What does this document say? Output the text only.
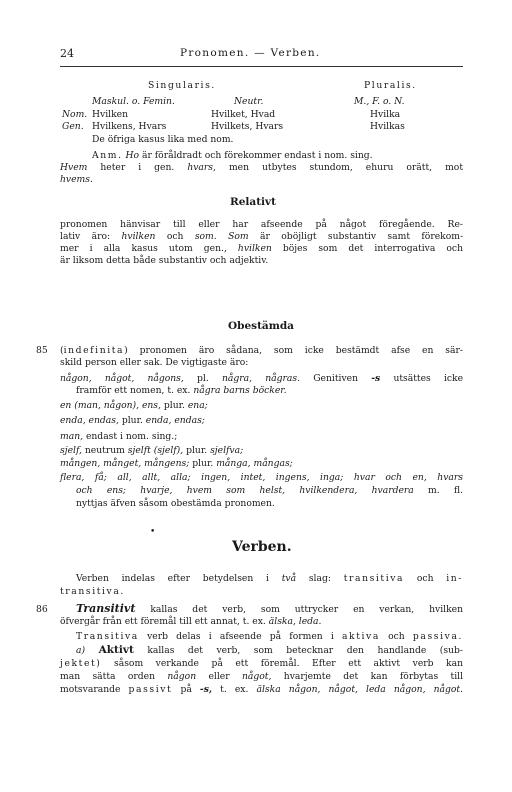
24	Pronomen. — Verben.
Singularis.	Pluralis.
Maskul. o. Femin.	Neutr.	M., F. o. N.
Nom. Hvilken	Hvilket, Hvad	Hvilka
Gen. Hvilkens, Hvars	Hvilkets, Hvars	Hvilkas
De öfriga kasus lika med nom.
Anm. Ho är föråldradt och förekommer endast i nom. sing.
Hvem heter i gen. hvars, men utbytes stundom, ehuru orätt, mot
hvems.
Relativt
pronomen hänvisar till eller har afseende på något föregående. Re-
lativ äro: hvilken och som. Som är oböjligt substantiv samt förekom-
mer i alla kasus utom gen., hvilken böjes som det interrogativa och
är liksom detta både substantiv och adjektiv.
Obestämda
85 (indefinita) pronomen äro sådana, som icke bestämdt afse en sär-
skild person eller sak. De vigtigaste äro:
någon, något, någons, pl. några, någras. Genitiven -s utsättes icke
framför ett nomen, t. ex. några barns böcker.
en (man, någon), ens, plur. ena;
enda, endas, plur. enda, endas;
man, endast i nom. sing.;
sjelf, neutrum sjelft (sjelf), plur. sjelfva;
mången, månget, mångens; plur. många, mångas;
flera, få; all, allt, alla; ingen, intet, ingens, inga; hvar och en, hvars
och ens; hvarje, hvem som helst, hvilkendera, hvardera m. fl.
nyttjas äfven såsom obestämda pronomen.
•
Verben.
Verben indelas efter betydelsen i två slag: transitiva och in-
transitiva.
86	Transitivt kallas det verb, som uttrycker en verkan, hvilken
öfvergår från ett föremål till ett annat, t. ex. älska, leda.
Transitiva verb delas i afseende på formen i aktiva och passiva.
a) Aktivt kallas det verb, som betecknar den handlande (sub-
jektet) såsom verkande på ett föremål. Efter ett aktivt verb kan
man sätta orden någon eller något, hvarjemte det kan förbytas till
motsvarande passivt på -s, t. ex. älska någon, något, leda någon, något.
